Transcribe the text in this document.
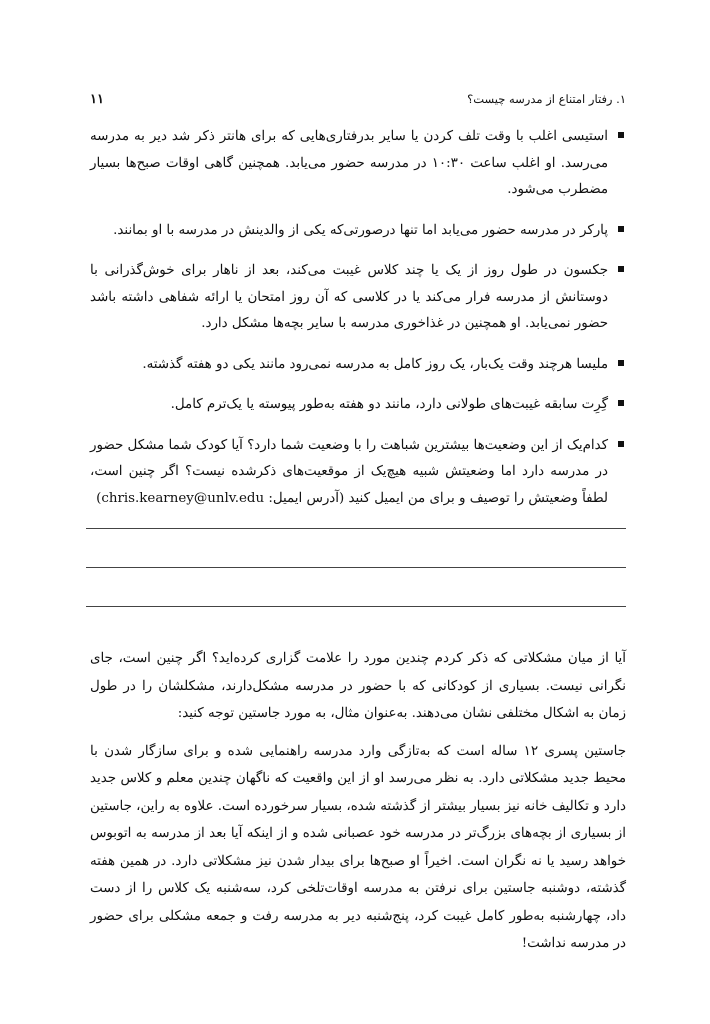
۱. رفتار امتناع از مدرسه چیست؟
۱۱
استیسی اغلب با وقت تلف کردن یا سایر بدرفتاری‌هایی که برای هانتر ذکر شد دیر به مدرسه می‌رسد. او اغلب ساعت ۱۰:۳۰ در مدرسه حضور می‌یابد. همچنین گاهی اوقات صبح‌ها بسیار مضطرب می‌شود.
پارکر در مدرسه حضور می‌یابد اما تنها درصورتی‌که یکی از والدینش در مدرسه با او بمانند.
جکسون در طول روز از یک یا چند کلاس غیبت می‌کند، بعد از ناهار برای خوش‌گذرانی با دوستانش از مدرسه فرار می‌کند یا در کلاسی که آن روز امتحان یا ارائه شفاهی داشته باشد حضور نمی‌یابد. او همچنین در غذاخوری مدرسه با سایر بچه‌ها مشکل دارد.
ملیسا هرچند وقت یک‌بار، یک روز کامل به مدرسه نمی‌رود مانند یکی دو هفته گذشته.
گِرِت سابقه غیبت‌های طولانی دارد، مانند دو هفته به‌طور پیوسته یا یک‌ترم کامل.
کدام‌یک از این وضعیت‌ها بیشترین شباهت را با وضعیت شما دارد؟ آیا کودک شما مشکل حضور در مدرسه دارد اما وضعیتش شبیه هیچ‌یک از موقعیت‌های ذکرشده نیست؟ اگر چنین است، لطفاً وضعیتش را توصیف و برای من ایمیل کنید (آدرس ایمیل: chris.kearney@unlv.edu)

آیا از میان مشکلاتی که ذکر کردم چندین مورد را علامت گزاری کرده‌اید؟ اگر چنین است، جای نگرانی نیست. بسیاری از کودکانی که با حضور در مدرسه مشکل‌دارند، مشکلشان را در طول زمان به اشکال مختلفی نشان می‌دهند. به‌عنوان مثال، به مورد جاستین توجه کنید:

جاستین پسری ۱۲ ساله است که به‌تازگی وارد مدرسه راهنمایی شده و برای سازگار شدن با محیط جدید مشکلاتی دارد. به نظر می‌رسد او از این واقعیت که ناگهان چندین معلم و کلاس جدید دارد و تکالیف خانه نیز بسیار بیشتر از گذشته شده، بسیار سرخورده است. علاوه به راین، جاستین از بسیاری از بچه‌های بزرگ‌تر در مدرسه خود عصبانی شده و از اینکه آیا بعد از مدرسه به اتوبوس خواهد رسید یا نه نگران است. اخیراً او صبح‌ها برای بیدار شدن نیز مشکلاتی دارد. در همین هفته گذشته، دوشنبه جاستین برای نرفتن به مدرسه اوقات‌تلخی کرد، سه‌شنبه یک کلاس را از دست داد، چهارشنبه به‌طور کامل غیبت کرد، پنج‌شنبه دیر به مدرسه رفت و جمعه مشکلی برای حضور در مدرسه نداشت!
